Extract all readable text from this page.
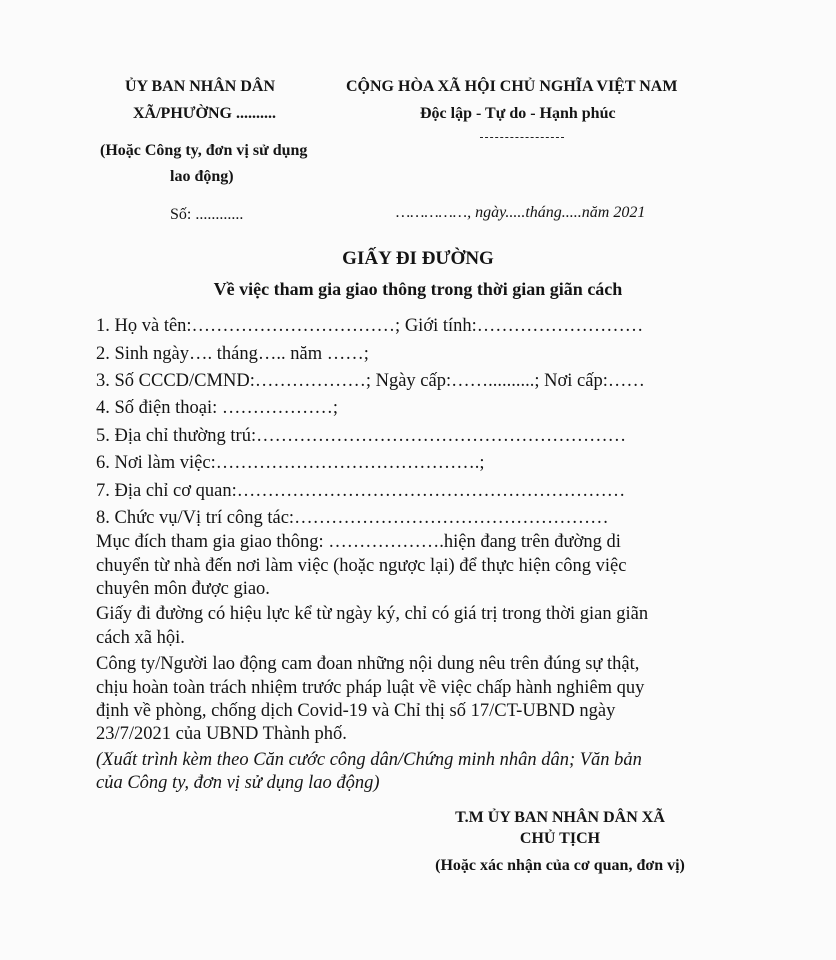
ỦY BAN NHÂN DÂN
XÃ/PHƯỜNG ..........
(Hoặc Công ty, đơn vị sử dụng
lao động)
CỘNG HÒA XÃ HỘI CHỦ NGHĨA VIỆT NAM
Độc lập - Tự do - Hạnh phúc
Số: ............	……………, ngày.....tháng.....năm 2021
GIẤY ĐI ĐƯỜNG
Về việc tham gia giao thông trong thời gian giãn cách
1. Họ và tên:……………………………; Giới tính:………………………
2. Sinh ngày…. tháng….. năm ……;
3. Số CCCD/CMND:………………; Ngày cấp:……..........; Nơi cấp:……
4. Số điện thoại: ………………;
5. Địa chỉ thường trú:……………………………………………………
6. Nơi làm việc:…………………………………….;
7. Địa chỉ cơ quan:………………………………………………………
8. Chức vụ/Vị trí công tác:……………………………………………
Mục đích tham gia giao thông: ……………….hiện đang trên đường di
chuyển từ nhà đến nơi làm việc (hoặc ngược lại) để thực hiện công việc
chuyên môn được giao.
Giấy đi đường có hiệu lực kể từ ngày ký, chỉ có giá trị trong thời gian giãn
cách xã hội.
Công ty/Người lao động cam đoan những nội dung nêu trên đúng sự thật,
chịu hoàn toàn trách nhiệm trước pháp luật về việc chấp hành nghiêm quy
định về phòng, chống dịch Covid-19 và Chỉ thị số 17/CT-UBND ngày
23/7/2021 của UBND Thành phố.
(Xuất trình kèm theo Căn cước công dân/Chứng minh nhân dân; Văn bản
của Công ty, đơn vị sử dụng lao động)
T.M ỦY BAN NHÂN DÂN XÃ
CHỦ TỊCH
(Hoặc xác nhận của cơ quan, đơn vị)
